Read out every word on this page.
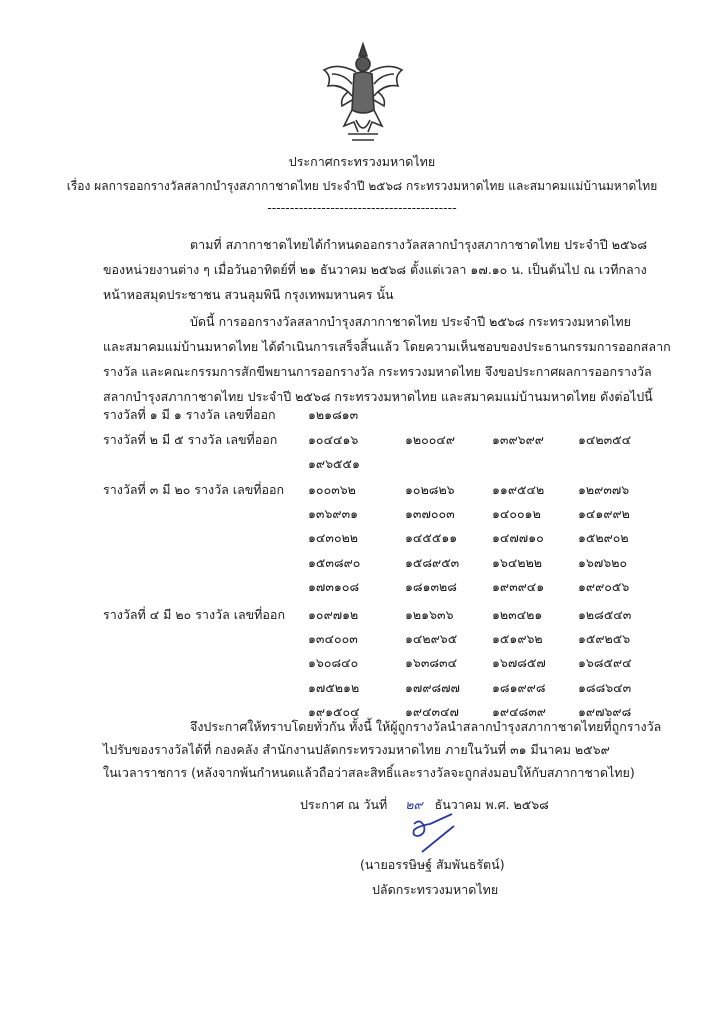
ประกาศกระทรวงมหาดไทย
เรื่อง ผลการออกรางวัลสลากบำรุงสภากาชาดไทย ประจำปี ๒๕๖๘ กระทรวงมหาดไทย และสมาคมแม่บ้านมหาดไทย
------------------------------------------
ตามที่ สภากาชาดไทยได้กำหนดออกรางวัลสลากบำรุงสภากาชาดไทย ประจำปี ๒๕๖๘
ของหน่วยงานต่าง ๆ เมื่อวันอาทิตย์ที่ ๒๑ ธันวาคม ๒๕๖๘ ตั้งแต่เวลา ๑๗.๑๐ น. เป็นต้นไป ณ เวทีกลาง
หน้าหอสมุดประชาชน สวนลุมพินี กรุงเทพมหานคร นั้น
บัดนี้ การออกรางวัลสลากบำรุงสภากาชาดไทย ประจำปี ๒๕๖๘ กระทรวงมหาดไทย
และสมาคมแม่บ้านมหาดไทย ได้ดำเนินการเสร็จสิ้นแล้ว โดยความเห็นชอบของประธานกรรมการออกสลาก
รางวัล และคณะกรรมการสักขีพยานการออกรางวัล กระทรวงมหาดไทย จึงขอประกาศผลการออกรางวัล
สลากบำรุงสภากาชาดไทย ประจำปี ๒๕๖๘ กระทรวงมหาดไทย และสมาคมแม่บ้านมหาดไทย ดังต่อไปนี้
รางวัลที่ ๑ มี ๑ รางวัล เลขที่ออก	๑๒๑๘๑๓
รางวัลที่ ๒ มี ๕ รางวัล เลขที่ออก ๑๐๔๔๑๖	๑๒๐๐๔๙	๑๓๙๖๙๙	๑๔๒๓๕๔
๑๙๖๕๕๑
รางวัลที่ ๓ มี ๒๐ รางวัล เลขที่ออก ๑๐๐๓๖๒	๑๐๒๘๒๖	๑๑๙๕๔๒	๑๒๙๓๗๖
๑๓๖๙๓๑	๑๓๗๐๐๓	๑๔๐๐๑๒	๑๔๑๙๙๒
๑๔๓๐๒๒	๑๔๕๕๑๑	๑๔๗๗๑๐	๑๕๒๙๐๒
๑๕๓๘๙๐	๑๕๘๙๕๓	๑๖๔๒๒๒	๑๖๗๖๒๐
๑๗๓๑๐๘	๑๘๑๓๒๘	๑๙๓๙๔๑	๑๙๙๐๕๖
รางวัลที่ ๔ มี ๒๐ รางวัล เลขที่ออก ๑๐๙๗๑๒	๑๒๑๖๓๖	๑๒๓๔๒๑	๑๒๘๕๔๓
๑๓๔๐๐๓	๑๔๒๙๖๕	๑๕๑๙๖๒	๑๕๙๒๕๖
๑๖๐๘๔๐	๑๖๓๘๓๔	๑๖๗๘๕๗	๑๖๘๕๙๔
๑๗๕๒๑๒	๑๗๙๘๗๗	๑๘๑๙๙๘	๑๘๘๖๔๓
๑๙๑๕๐๔	๑๙๔๓๔๗	๑๙๔๘๓๙	๑๙๗๖๙๘
จึงประกาศให้ทราบโดยทั่วกัน ทั้งนี้ ให้ผู้ถูกรางวัลนำสลากบำรุงสภากาชาดไทยที่ถูกรางวัล
ไปรับของรางวัลได้ที่ กองคลัง สำนักงานปลัดกระทรวงมหาดไทย ภายในวันที่ ๓๑ มีนาคม ๒๕๖๙
ในเวลาราชการ (หลังจากพ้นกำหนดแล้วถือว่าสละสิทธิ์และรางวัลจะถูกส่งมอบให้กับสภากาชาดไทย)
ประกาศ ณ วันที่ ๒๙ ธันวาคม พ.ศ. ๒๕๖๘
(นายอรรษิษฐ์ สัมพันธรัตน์)
ปลัดกระทรวงมหาดไทย
